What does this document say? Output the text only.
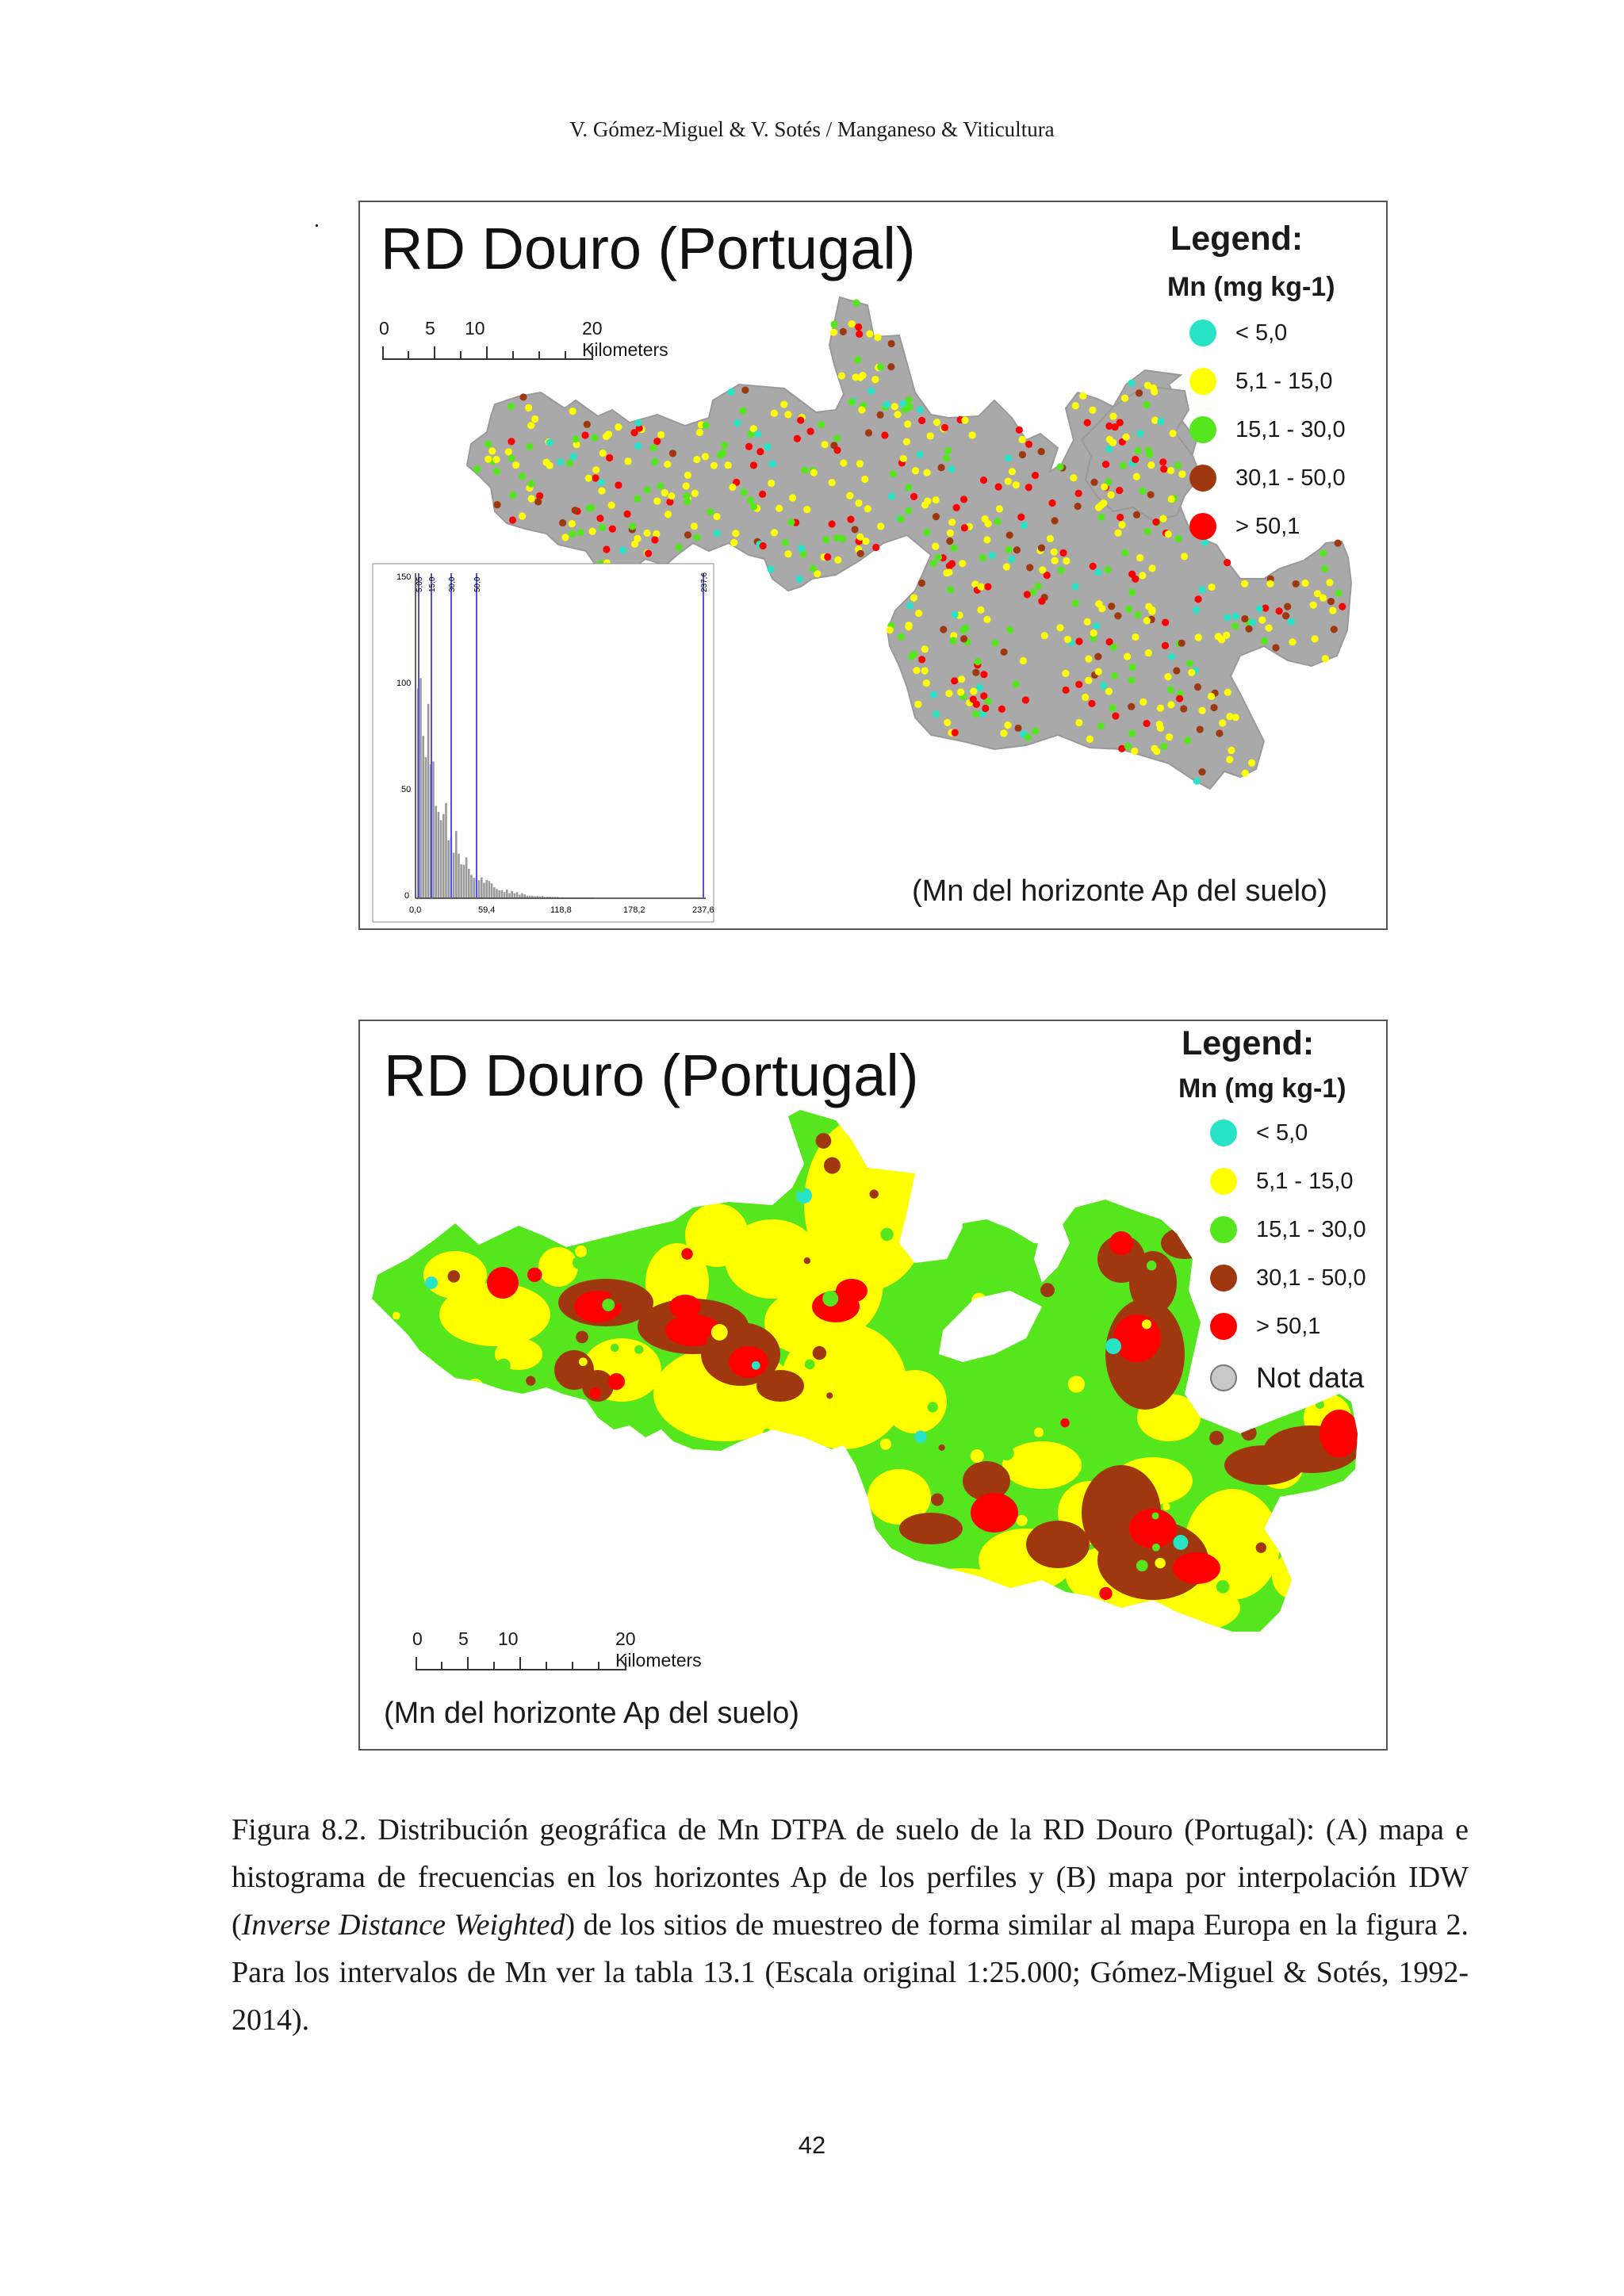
V. Gómez-Miguel & V. Sotés / Manganeso & Viticultura
.
150
100
50
0
0,0	59,4	118,8	178,2	237,6
5,05 15,0 30,0 50,0	237,6
RD Douro (Portugal)	Legend:
Mn (mg kg-1)
< 5,0
5,1 - 15,0
15,1 - 30,0
30,1 - 50,0
> 50,1
0 5 10	20 Kilometers
(Mn del horizonte Ap del suelo)
RD Douro (Portugal)	Legend:
Mn (mg kg-1)
< 5,0
5,1 - 15,0
15,1 - 30,0
30,1 - 50,0
> 50,1
Not data
0 5 10	20 Kilometers
(Mn del horizonte Ap del suelo)
Figura 8.2. Distribución geográfica de Mn DTPA de suelo de la RD Douro (Portugal): (A) mapa e histograma de frecuencias en los horizontes Ap de los perfiles y (B) mapa por interpolación IDW (Inverse Distance Weighted) de los sitios de muestreo de forma similar al mapa Europa en la figura 2. Para los intervalos de Mn ver la tabla 13.1 (Escala original 1:25.000; Gómez-Miguel & Sotés, 1992-2014).
42
